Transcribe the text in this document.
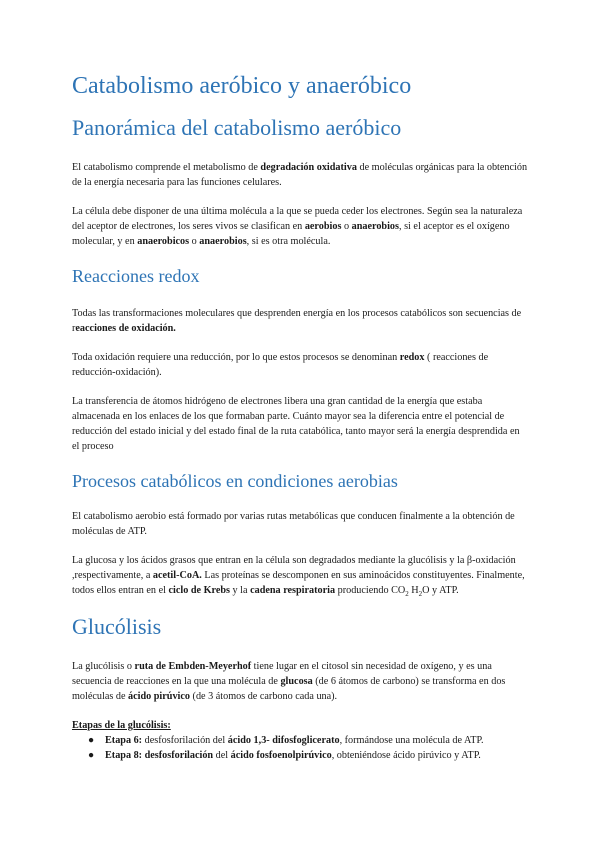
Catabolismo aeróbico y anaeróbico
Panorámica del catabolismo aeróbico

El catabolismo comprende el metabolismo de degradación oxidativa de moléculas orgánicas para la obtención de la energía necesaria para las funciones celulares.

La célula debe disponer de una última molécula a la que se pueda ceder los electrones. Según sea la naturaleza del aceptor de electrones, los seres vivos se clasifican en aerobios o anaerobios, si el aceptor es el oxígeno molecular, y en anaerobicos o anaerobios, si es otra molécula.

Reacciones redox

Todas las transformaciones moleculares que desprenden energía en los procesos catabólicos son secuencias de reacciones de oxidación.

Toda oxidación requiere una reducción, por lo que estos procesos se denominan redox ( reacciones de reducción-oxidación).

La transferencia de átomos hidrógeno de electrones libera una gran cantidad de la energía que estaba almacenada en los enlaces de los que formaban parte. Cuánto mayor sea la diferencia entre el potencial de reducción del estado inicial y del estado final de la ruta catabólica, tanto mayor será la energía desprendida en el proceso

Procesos catabólicos en condiciones aerobias

El catabolismo aerobio está formado por varias rutas metabólicas que conducen finalmente a la obtención de moléculas de ATP.

La glucosa y los ácidos grasos que entran en la célula son degradados mediante la glucólisis y la β-oxidación ,respectivamente, a acetil-CoA. Las proteínas se descomponen en sus aminoácidos constituyentes. Finalmente, todos ellos entran en el ciclo de Krebs y la cadena respiratoria produciendo $CO_2$ $H_2O$ y ATP.

Glucólisis

La glucólisis o ruta de Embden-Meyerhof tiene lugar en el citosol sin necesidad de oxígeno, y es una secuencia de reacciones en la que una molécula de glucosa (de 6 átomos de carbono) se transforma en dos moléculas de ácido pirúvico (de 3 átomos de carbono cada una).

Etapas de la glucólisis:

● Etapa 6: desfosforilación del ácido 1,3- difosfoglicerato, formándose una molécula de ATP.
● Etapa 8: desfosforilación del ácido fosfoenolpirúvico, obteniéndose ácido pirúvico y ATP.
